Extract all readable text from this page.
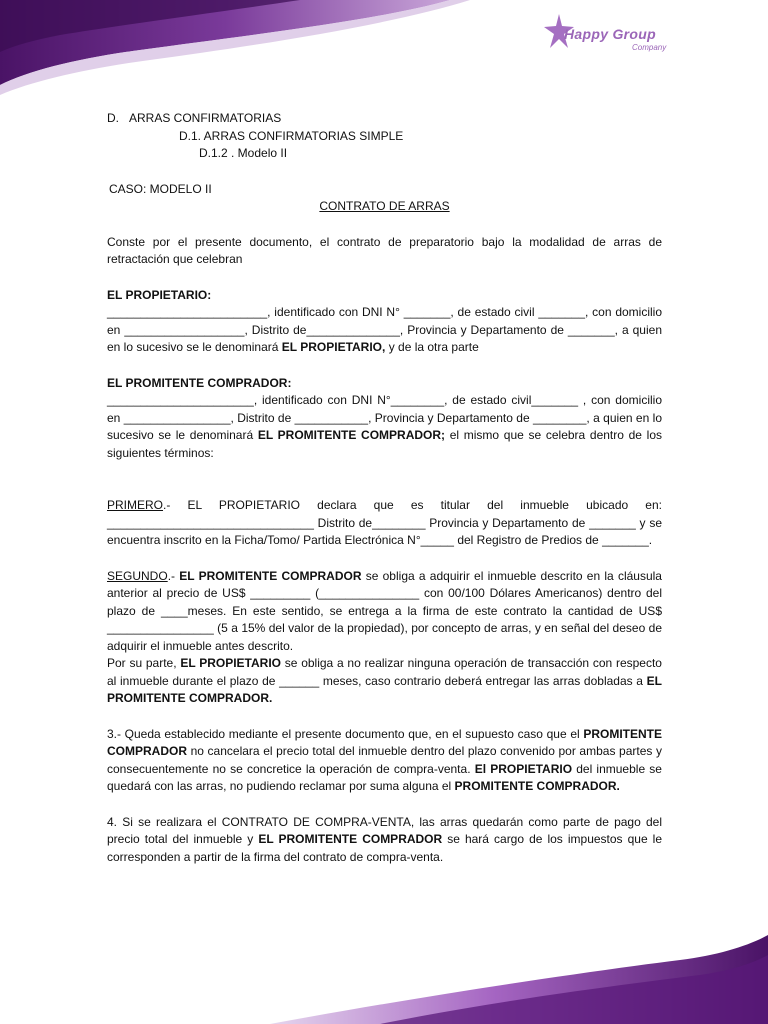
Happy Group
Company

D.   ARRAS CONFIRMATORIAS

D.1. ARRAS CONFIRMATORIAS SIMPLE

D.1.2 . Modelo II

CASO: MODELO II

CONTRATO DE ARRAS

Conste por el presente documento, el contrato de preparatorio bajo la modalidad de arras de retractación que celebran

EL PROPIETARIO:

________________________, identificado con DNI N° _______, de estado civil _______, con domicilio en __________________, Distrito de______________, Provincia y Departamento de _______, a quien en lo sucesivo se le denominará EL PROPIETARIO, y de la otra parte

EL PROMITENTE COMPRADOR:

______________________, identificado con DNI N°________, de estado civil_______ , con domicilio en ________________, Distrito de ___________, Provincia y Departamento de ________, a quien en lo sucesivo se le denominará EL PROMITENTE COMPRADOR; el mismo que se celebra dentro de los siguientes términos:

PRIMERO.- EL PROPIETARIO declara que es titular del inmueble ubicado en: _______________________________ Distrito de________ Provincia y Departamento de _______ y se encuentra inscrito en la Ficha/Tomo/ Partida Electrónica N°_____ del Registro de Predios de _______.

SEGUNDO.- EL PROMITENTE COMPRADOR se obliga a adquirir el inmueble descrito en la cláusula anterior al precio de US$ _________ (_______________ con 00/100 Dólares Americanos) dentro del plazo de ____meses. En este sentido, se entrega a la firma de este contrato la cantidad de US$ ________________ (5 a 15% del valor de la propiedad), por concepto de arras, y en señal del deseo de adquirir el inmueble antes descrito.

Por su parte, EL PROPIETARIO se obliga a no realizar ninguna operación de transacción con respecto al inmueble durante el plazo de ______ meses, caso contrario deberá entregar las arras dobladas a EL PROMITENTE COMPRADOR.

3.- Queda establecido mediante el presente documento que, en el supuesto caso que el PROMITENTE COMPRADOR no cancelara el precio total del inmueble dentro del plazo convenido por ambas partes y consecuentemente no se concretice la operación de compra-venta. El PROPIETARIO del inmueble se quedará con las arras, no pudiendo reclamar por suma alguna el PROMITENTE COMPRADOR.

4. Si se realizara el CONTRATO DE COMPRA-VENTA, las arras quedarán como parte de pago del precio total del inmueble y EL PROMITENTE COMPRADOR se hará cargo de los impuestos que le corresponden a partir de la firma del contrato de compra-venta.
